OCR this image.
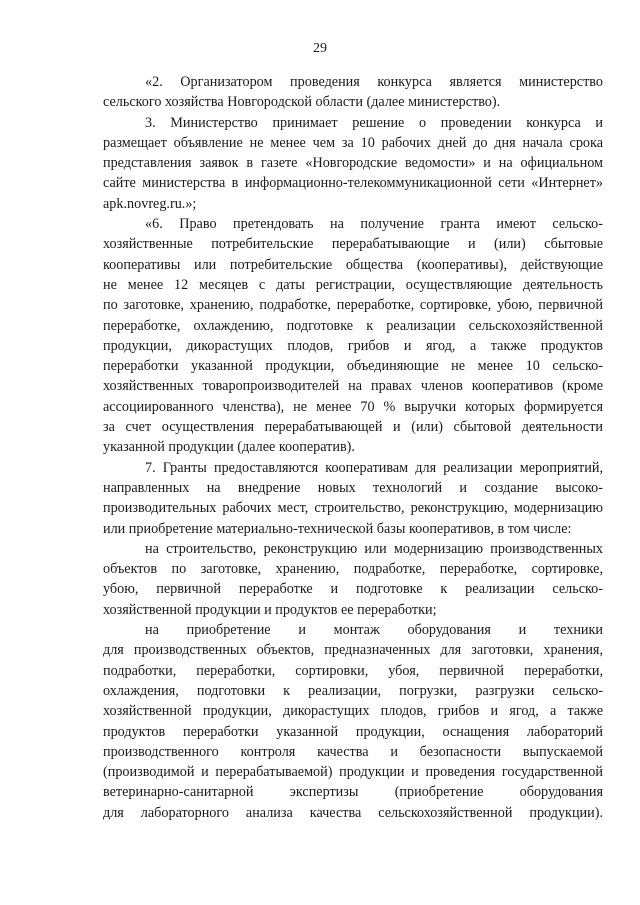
29
«2. Организатором проведения конкурса является министерство
сельского хозяйства Новгородской области (далее министерство).
3. Министерство принимает решение о проведении конкурса и
размещает объявление не менее чем за 10 рабочих дней до дня начала срока
представления заявок в газете «Новгородские ведомости» и на официальном
сайте министерства в информационно-телекоммуникационной сети «Интернет»
apk.novreg.ru.»;
«6. Право претендовать на получение гранта имеют сельско-
хозяйственные потребительские перерабатывающие и (или) сбытовые
кооперативы или потребительские общества (кооперативы), действующие
не менее 12 месяцев с даты регистрации, осуществляющие деятельность
по заготовке, хранению, подработке, переработке, сортировке, убою, первичной
переработке, охлаждению, подготовке к реализации сельскохозяйственной
продукции, дикорастущих плодов, грибов и ягод, а также продуктов
переработки указанной продукции, объединяющие не менее 10 сельско-
хозяйственных товаропроизводителей на правах членов кооперативов (кроме
ассоциированного членства), не менее 70 % выручки которых формируется
за счет осуществления перерабатывающей и (или) сбытовой деятельности
указанной продукции (далее кооператив).
7. Гранты предоставляются кооперативам для реализации мероприятий,
направленных на внедрение новых технологий и создание высоко-
производительных рабочих мест, строительство, реконструкцию, модернизацию
или приобретение материально-технической базы кооперативов, в том числе:
на строительство, реконструкцию или модернизацию производственных
объектов по заготовке, хранению, подработке, переработке, сортировке,
убою, первичной переработке и подготовке к реализации сельско-
хозяйственной продукции и продуктов ее переработки;
на приобретение и монтаж оборудования и техники
для производственных объектов, предназначенных для заготовки, хранения,
подработки, переработки, сортировки, убоя, первичной переработки,
охлаждения, подготовки к реализации, погрузки, разгрузки сельско-
хозяйственной продукции, дикорастущих плодов, грибов и ягод, а также
продуктов переработки указанной продукции, оснащения лабораторий
производственного контроля качества и безопасности выпускаемой
(производимой и перерабатываемой) продукции и проведения государственной
ветеринарно-санитарной экспертизы (приобретение оборудования
для лабораторного анализа качества сельскохозяйственной продукции).
